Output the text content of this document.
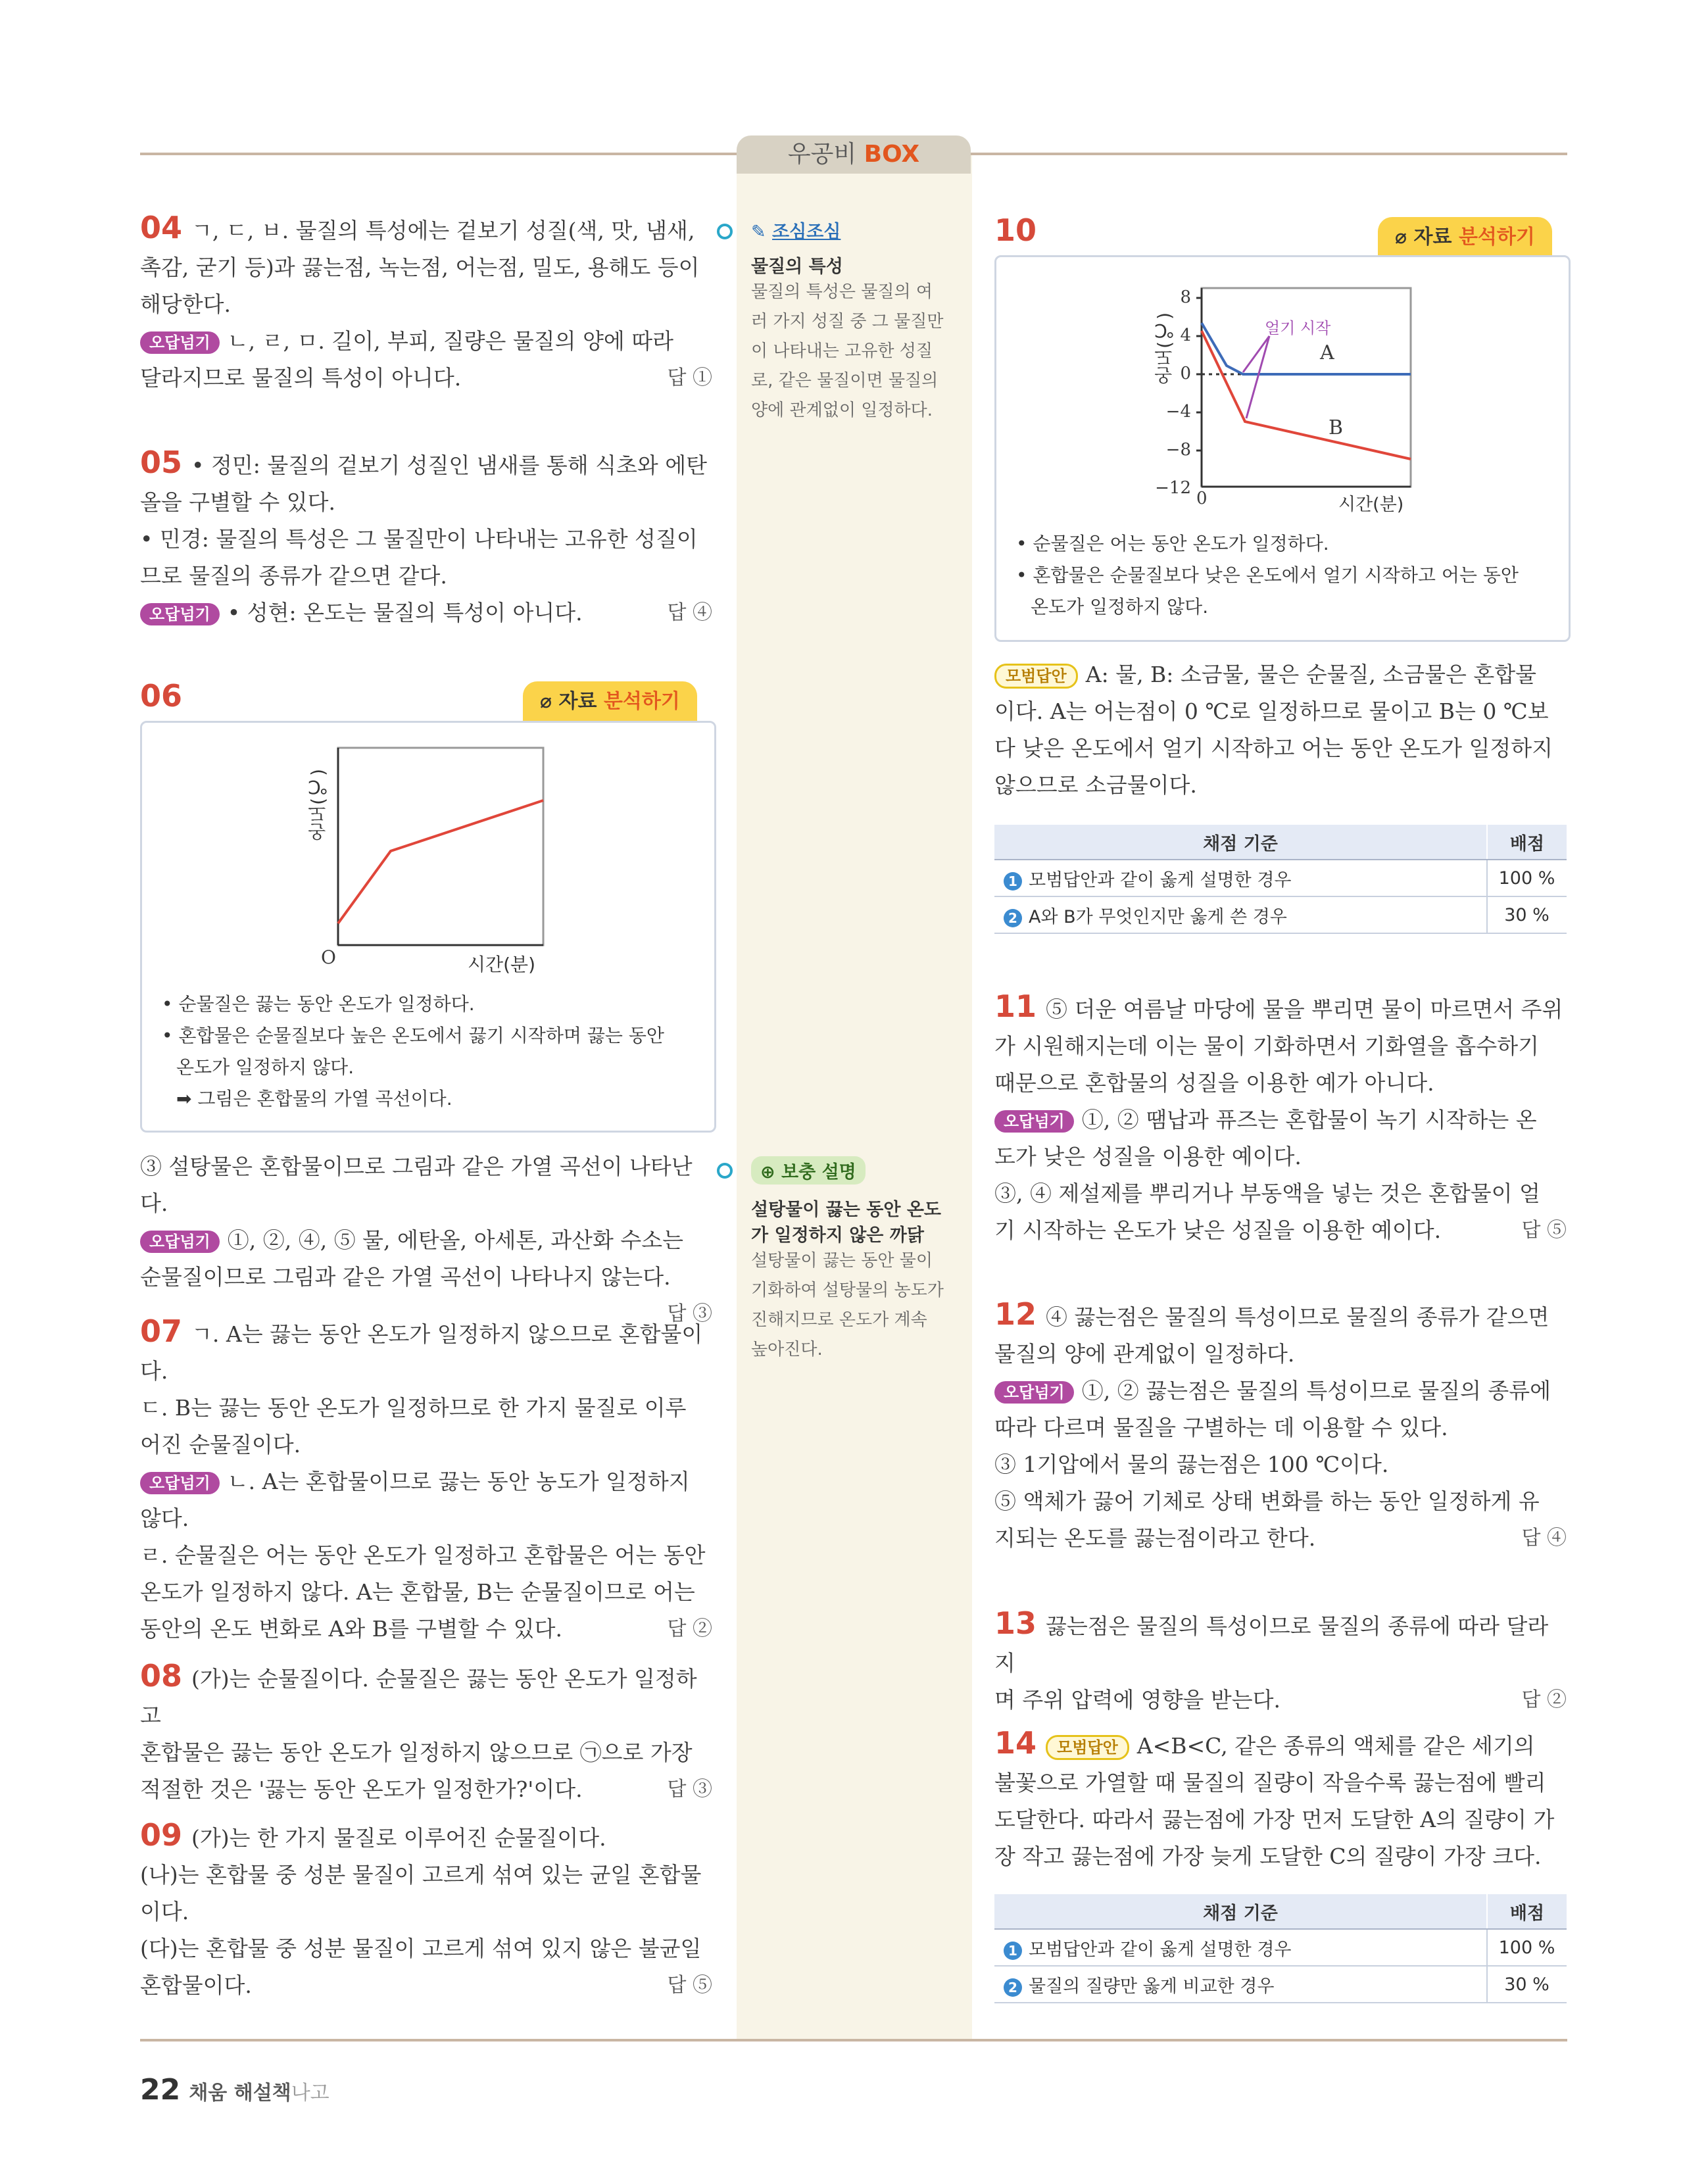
우공비 BOX

04 ㄱ, ㄷ, ㅂ. 물질의 특성에는 겉보기 성질(색, 맛, 냄새,

촉감, 굳기 등)과 끓는점, 녹는점, 어는점, 밀도, 용해도 등이

해당한다.

오답넘기 ㄴ, ㄹ, ㅁ. 길이, 부피, 질량은 물질의 양에 따라

달라지므로 물질의 특성이 아니다.	답 ①

✎ 조심조심
물질의 특성
물질의 특성은 물질의 여
러 가지 성질 중 그 물질만
이 나타내는 고유한 성질
로, 같은 물질이면 물질의
양에 관계없이 일정하다.

05 • 정민: 물질의 겉보기 성질인 냄새를 통해 식초와 에탄

올을 구별할 수 있다.

• 민경: 물질의 특성은 그 물질만이 나타내는 고유한 성질이

므로 물질의 종류가 같으면 같다.

오답넘기 • 성현: 온도는 물질의 특성이 아니다.	답 ④

06	⌀ 자료 분석하기
온도(℃)
O	시간(분)
• 순물질은 끓는 동안 온도가 일정하다.
• 혼합물은 순물질보다 높은 온도에서 끓기 시작하며 끓는 동안
온도가 일정하지 않다.
➡ 그림은 혼합물의 가열 곡선이다.

③ 설탕물은 혼합물이므로 그림과 같은 가열 곡선이 나타난다.

오답넘기 ①, ②, ④, ⑤ 물, 에탄올, 아세톤, 과산화 수소는

순물질이므로 그림과 같은 가열 곡선이 나타나지 않는다.
답 ③

⊕ 보충 설명
설탕물이 끓는 동안 온도
가 일정하지 않은 까닭
설탕물이 끓는 동안 물이
기화하여 설탕물의 농도가
진해지므로 온도가 계속
높아진다.

07 ㄱ. A는 끓는 동안 온도가 일정하지 않으므로 혼합물이다.

ㄷ. B는 끓는 동안 온도가 일정하므로 한 가지 물질로 이루

어진 순물질이다.

오답넘기 ㄴ. A는 혼합물이므로 끓는 동안 농도가 일정하지

않다.

ㄹ. 순물질은 어는 동안 온도가 일정하고 혼합물은 어는 동안

온도가 일정하지 않다. A는 혼합물, B는 순물질이므로 어는

동안의 온도 변화로 A와 B를 구별할 수 있다.	답 ②

08 (가)는 순물질이다. 순물질은 끓는 동안 온도가 일정하고

혼합물은 끓는 동안 온도가 일정하지 않으므로 ㉠으로 가장

적절한 것은 '끓는 동안 온도가 일정한가?'이다.	답 ③

09 (가)는 한 가지 물질로 이루어진 순물질이다.

(나)는 혼합물 중 성분 물질이 고르게 섞여 있는 균일 혼합물

이다.

(다)는 혼합물 중 성분 물질이 고르게 섞여 있지 않은 불균일

혼합물이다.	답 ⑤

10	⌀ 자료 분석하기
온도(℃)
8
4
0
−4
−8
−12
0	시간(분)
얼기 시작
A
B
• 순물질은 어는 동안 온도가 일정하다.
• 혼합물은 순물질보다 낮은 온도에서 얼기 시작하고 어는 동안
온도가 일정하지 않다.

모범답안 A: 물, B: 소금물, 물은 순물질, 소금물은 혼합물

이다. A는 어는점이 0 ℃로 일정하므로 물이고 B는 0 ℃보

다 낮은 온도에서 얼기 시작하고 어는 동안 온도가 일정하지

않으므로 소금물이다.

채점 기준	배점
1 모범답안과 같이 옳게 설명한 경우	100 %
2 A와 B가 무엇인지만 옳게 쓴 경우	30 %

11 ⑤ 더운 여름날 마당에 물을 뿌리면 물이 마르면서 주위

가 시원해지는데 이는 물이 기화하면서 기화열을 흡수하기

때문으로 혼합물의 성질을 이용한 예가 아니다.

오답넘기 ①, ② 땜납과 퓨즈는 혼합물이 녹기 시작하는 온

도가 낮은 성질을 이용한 예이다.

③, ④ 제설제를 뿌리거나 부동액을 넣는 것은 혼합물이 얼

기 시작하는 온도가 낮은 성질을 이용한 예이다.	답 ⑤

12 ④ 끓는점은 물질의 특성이므로 물질의 종류가 같으면

물질의 양에 관계없이 일정하다.

오답넘기 ①, ② 끓는점은 물질의 특성이므로 물질의 종류에

따라 다르며 물질을 구별하는 데 이용할 수 있다.

③ 1기압에서 물의 끓는점은 100 ℃이다.

⑤ 액체가 끓어 기체로 상태 변화를 하는 동안 일정하게 유

지되는 온도를 끓는점이라고 한다.	답 ④

13 끓는점은 물질의 특성이므로 물질의 종류에 따라 달라지

며 주위 압력에 영향을 받는다.	답 ②

14 모범답안 A<B<C, 같은 종류의 액체를 같은 세기의

불꽃으로 가열할 때 물질의 질량이 작을수록 끓는점에 빨리

도달한다. 따라서 끓는점에 가장 먼저 도달한 A의 질량이 가

장 작고 끓는점에 가장 늦게 도달한 C의 질량이 가장 크다.

채점 기준	배점
1 모범답안과 같이 옳게 설명한 경우	100 %
2 물질의 질량만 옳게 비교한 경우	30 %
22 채움 해설책나고
